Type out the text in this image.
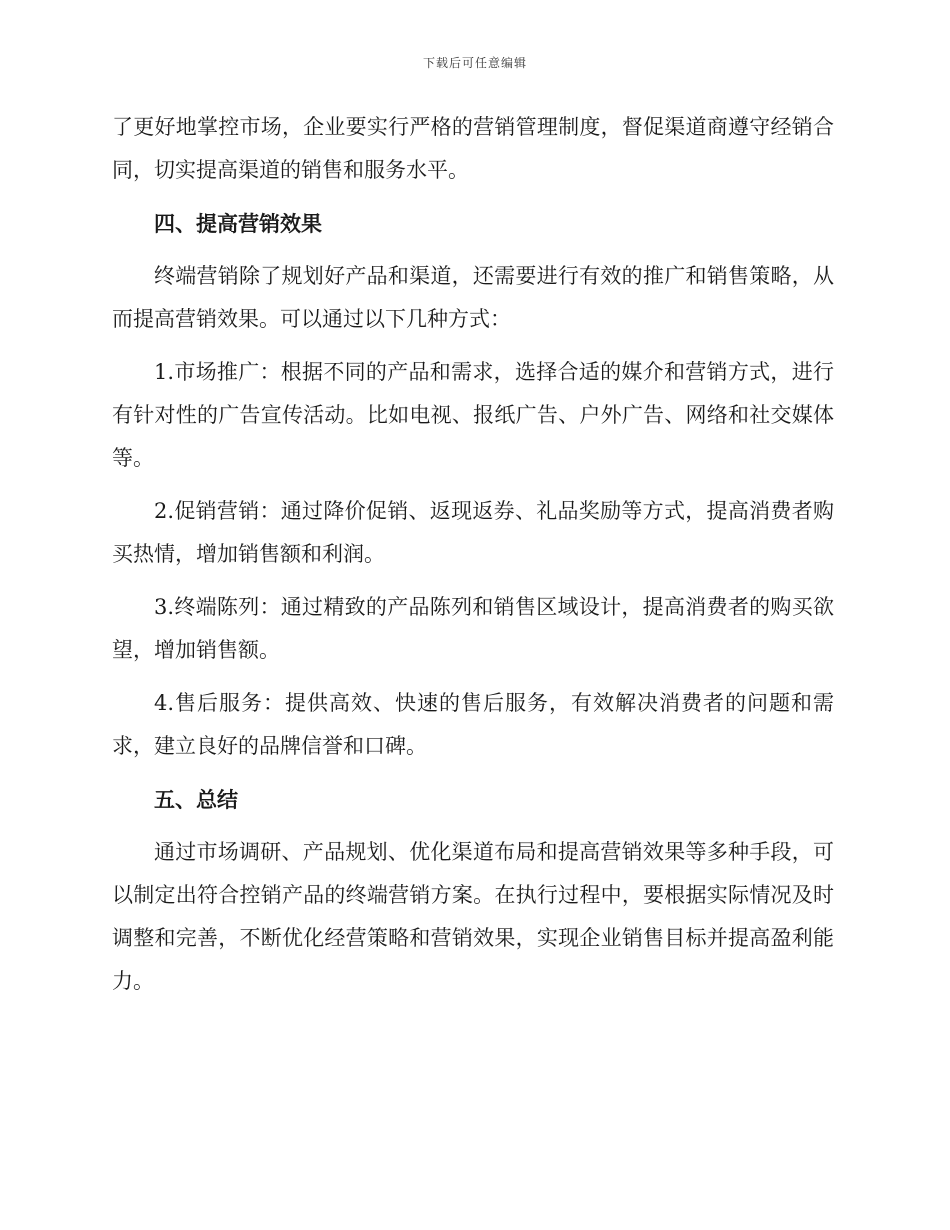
下载后可任意编辑

了更好地掌控市场，企业要实行严格的营销管理制度，督促渠道商遵守经销合同，切实提高渠道的销售和服务水平。

四、提高营销效果

终端营销除了规划好产品和渠道，还需要进行有效的推广和销售策略，从而提高营销效果。可以通过以下几种方式：

1.市场推广：根据不同的产品和需求，选择合适的媒介和营销方式，进行有针对性的广告宣传活动。比如电视、报纸广告、户外广告、网络和社交媒体等。

2.促销营销：通过降价促销、返现返券、礼品奖励等方式，提高消费者购买热情，增加销售额和利润。

3.终端陈列：通过精致的产品陈列和销售区域设计，提高消费者的购买欲望，增加销售额。

4.售后服务：提供高效、快速的售后服务，有效解决消费者的问题和需求，建立良好的品牌信誉和口碑。

五、总结

通过市场调研、产品规划、优化渠道布局和提高营销效果等多种手段，可以制定出符合控销产品的终端营销方案。在执行过程中，要根据实际情况及时调整和完善，不断优化经营策略和营销效果，实现企业销售目标并提高盈利能力。
